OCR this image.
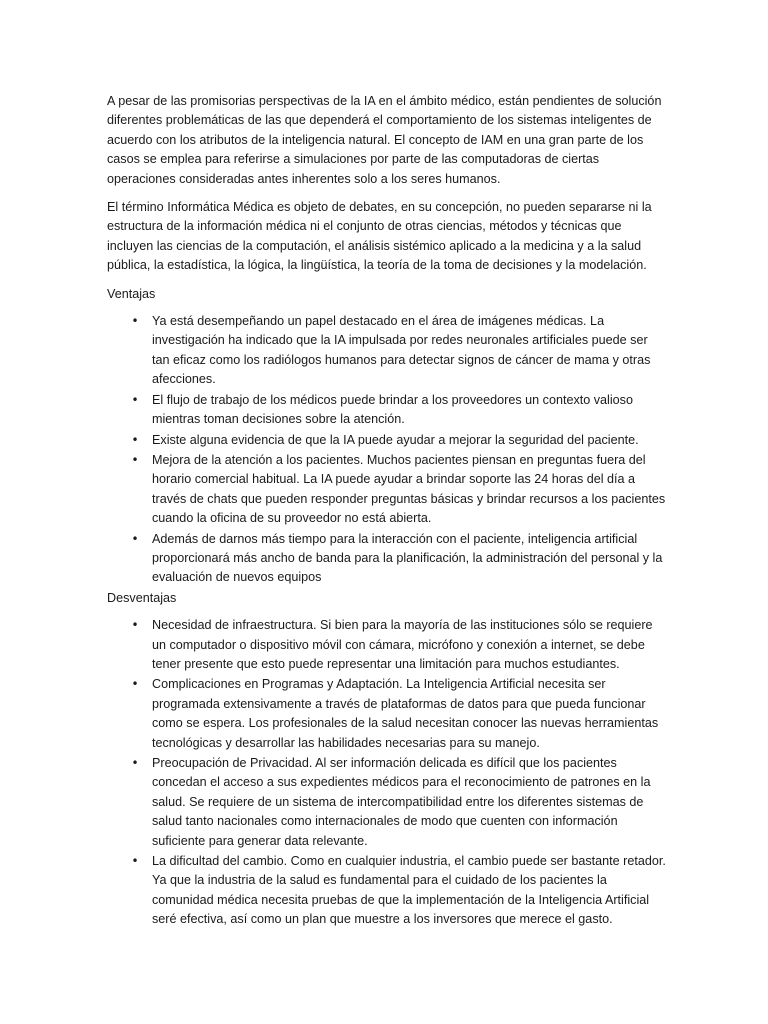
A pesar de las promisorias perspectivas de la IA en el ámbito médico, están pendientes de solución diferentes problemáticas de las que dependerá el comportamiento de los sistemas inteligentes de acuerdo con los atributos de la inteligencia natural. El concepto de IAM en una gran parte de los casos se emplea para referirse a simulaciones por parte de las computadoras de ciertas operaciones consideradas antes inherentes solo a los seres humanos.

El término Informática Médica es objeto de debates, en su concepción, no pueden separarse ni la estructura de la información médica ni el conjunto de otras ciencias, métodos y técnicas que incluyen las ciencias de la computación, el análisis sistémico aplicado a la medicina y a la salud pública, la estadística, la lógica, la lingüística, la teoría de la toma de decisiones y la modelación.

Ventajas
• Ya está desempeñando un papel destacado en el área de imágenes médicas. La investigación ha indicado que la IA impulsada por redes neuronales artificiales puede ser tan eficaz como los radiólogos humanos para detectar signos de cáncer de mama y otras afecciones.
• El flujo de trabajo de los médicos puede brindar a los proveedores un contexto valioso mientras toman decisiones sobre la atención.
• Existe alguna evidencia de que la IA puede ayudar a mejorar la seguridad del paciente.
• Mejora de la atención a los pacientes. Muchos pacientes piensan en preguntas fuera del horario comercial habitual. La IA puede ayudar a brindar soporte las 24 horas del día a través de chats que pueden responder preguntas básicas y brindar recursos a los pacientes cuando la oficina de su proveedor no está abierta.
• Además de darnos más tiempo para la interacción con el paciente, inteligencia artificial proporcionará más ancho de banda para la planificación, la administración del personal y la evaluación de nuevos equipos
Desventajas
• Necesidad de infraestructura. Si bien para la mayoría de las instituciones sólo se requiere un computador o dispositivo móvil con cámara, micrófono y conexión a internet, se debe tener presente que esto puede representar una limitación para muchos estudiantes.
• Complicaciones en Programas y Adaptación. La Inteligencia Artificial necesita ser programada extensivamente a través de plataformas de datos para que pueda funcionar como se espera. Los profesionales de la salud necesitan conocer las nuevas herramientas tecnológicas y desarrollar las habilidades necesarias para su manejo.
• Preocupación de Privacidad. Al ser información delicada es difícil que los pacientes concedan el acceso a sus expedientes médicos para el reconocimiento de patrones en la salud. Se requiere de un sistema de intercompatibilidad entre los diferentes sistemas de salud tanto nacionales como internacionales de modo que cuenten con información suficiente para generar data relevante.
• La dificultad del cambio. Como en cualquier industria, el cambio puede ser bastante retador. Ya que la industria de la salud es fundamental para el cuidado de los pacientes la comunidad médica necesita pruebas de que la implementación de la Inteligencia Artificial seré efectiva, así como un plan que muestre a los inversores que merece el gasto.
